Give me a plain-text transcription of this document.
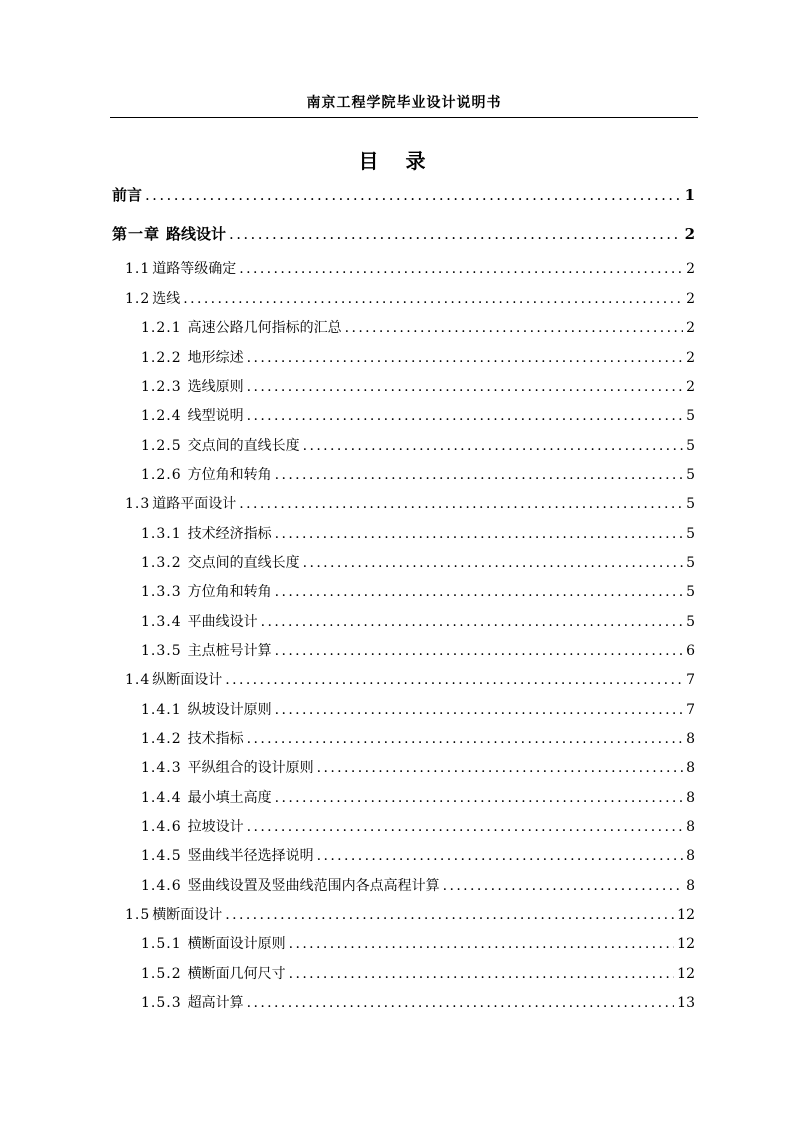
南京工程学院毕业设计说明书
目 录
前言 .....	1
第一章 路线设计 .....	2
1.1 道路等级确定 .....	2
1.2 选线 .....	2
1.2.1 高速公路几何指标的汇总 .....	2
1.2.2 地形综述 .....	2
1.2.3 选线原则 .....	2
1.2.4 线型说明 .....	5
1.2.5 交点间的直线长度 .....	5
1.2.6 方位角和转角 .....	5
1.3 道路平面设计 .....	5
1.3.1 技术经济指标 .....	5
1.3.2 交点间的直线长度 .....	5
1.3.3 方位角和转角 .....	5
1.3.4 平曲线设计 .....	5
1.3.5 主点桩号计算 .....	6
1.4 纵断面设计 .....	7
1.4.1 纵坡设计原则 .....	7
1.4.2 技术指标 .....	8
1.4.3 平纵组合的设计原则 .....	8
1.4.4 最小填土高度 .....	8
1.4.6 拉坡设计 .....	8
1.4.5 竖曲线半径选择说明 .....	8
1.4.6 竖曲线设置及竖曲线范围内各点高程计算 .....	8
1.5 横断面设计 .....	12
1.5.1 横断面设计原则 .....	12
1.5.2 横断面几何尺寸 .....	12
1.5.3 超高计算 .....	13
